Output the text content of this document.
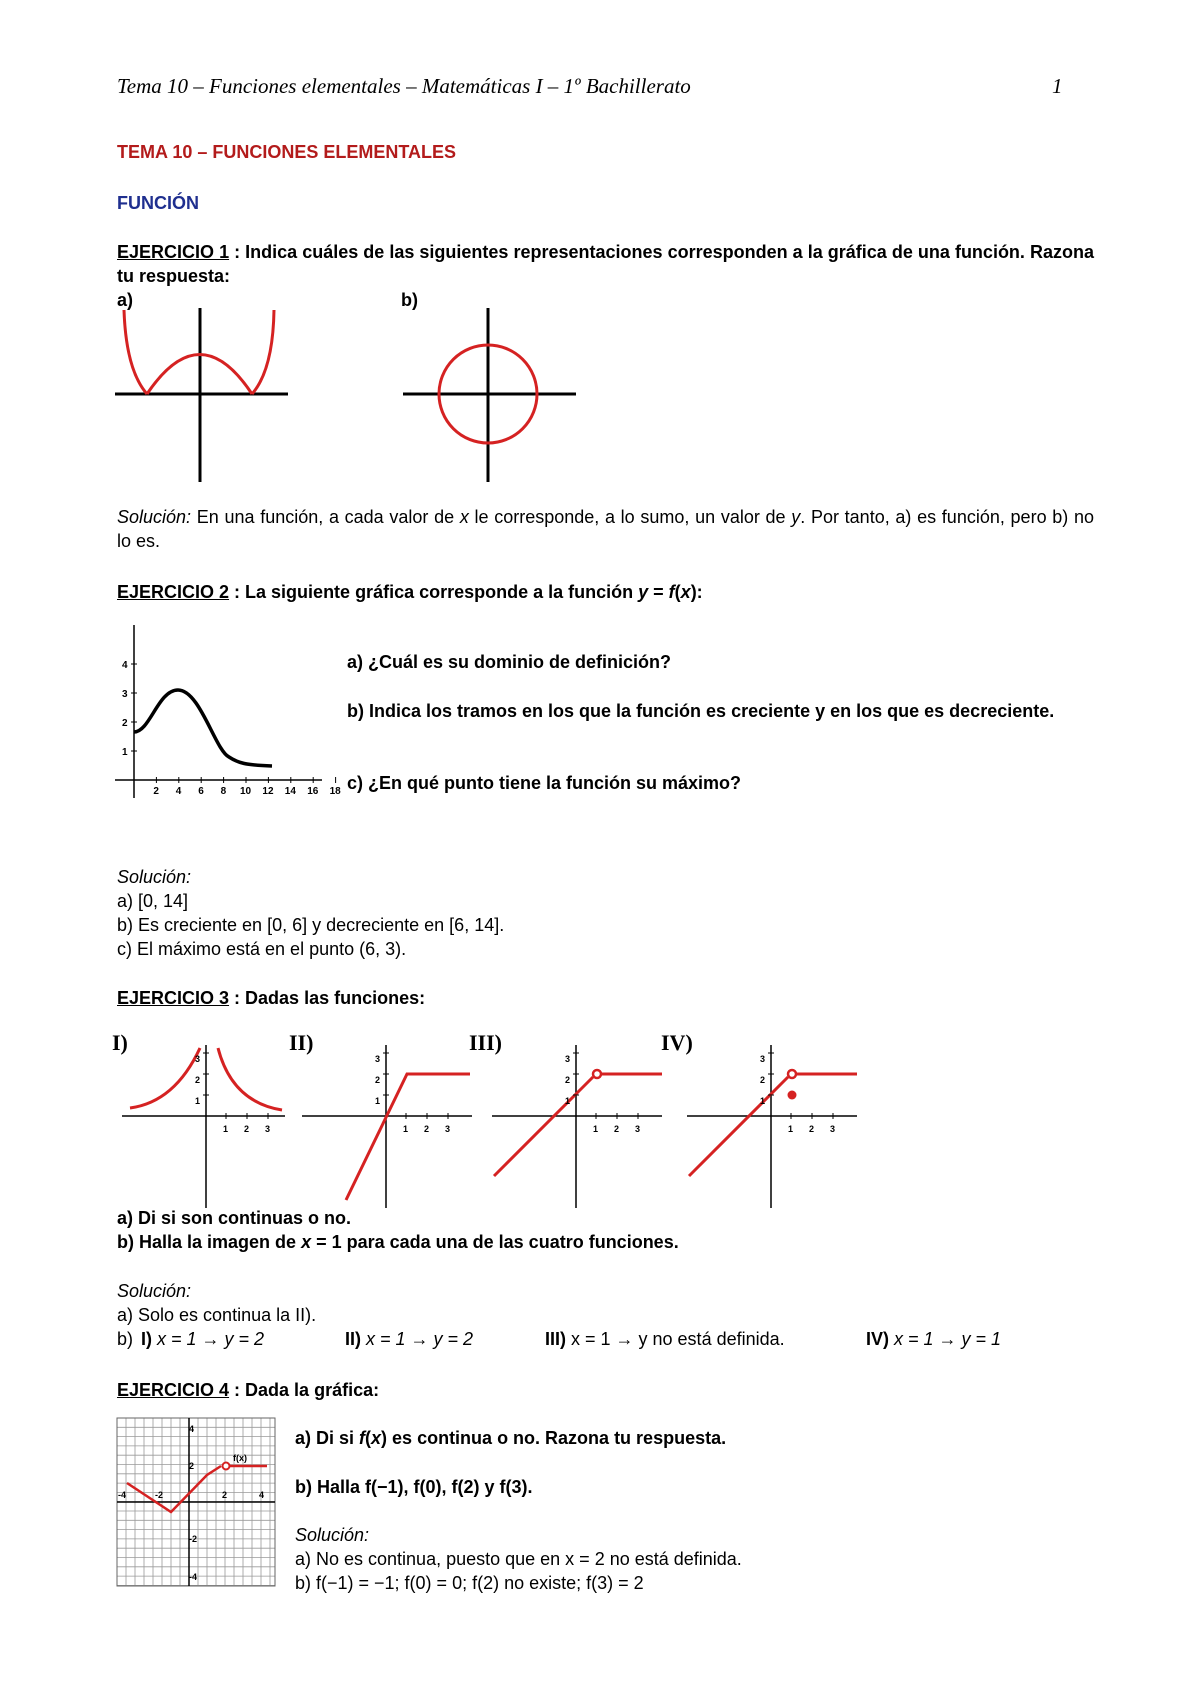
Tema 10 – Funciones elementales – Matemáticas I – 1º Bachillerato	1
TEMA 10 – FUNCIONES ELEMENTALES
FUNCIÓN
EJERCICIO 1 : Indica cuáles de las siguientes representaciones corresponden a la gráfica de una función. Razona tu respuesta:
a)	b)
Solución: En una función, a cada valor de x le corresponde, a lo sumo, un valor de y. Por tanto, a) es función, pero b) no lo es.
EJERCICIO 2 : La siguiente gráfica corresponde a la función y = f(x):
4
3
2
1
2 4 6 8 10 12 14 16 18
a) ¿Cuál es su dominio de definición?
b) Indica los tramos en los que la función es creciente y en los que es decreciente.
c) ¿En qué punto tiene la función su máximo?
Solución:
a) [0, 14]
b) Es creciente en [0, 6] y decreciente en [6, 14].
c) El máximo está en el punto (6, 3).
EJERCICIO 3 : Dadas las funciones:
I)	II)	III)	IV)
3
2
1
1 2 3
3
2
1
1 2 3
3
2
1
1 2 3
3
2
1
1 2 3
a) Di si son continuas o no.
b) Halla la imagen de x = 1 para cada una de las cuatro funciones.
Solución:
a) Solo es continua la II).
b) I) x = 1 → y = 2	II) x = 1 → y = 2	III) x = 1 → y no está definida.	IV) x = 1 → y = 1
EJERCICIO 4 : Dada la gráfica:
f(x)
4
2
-2
-4
-4	-2	2	4
a) Di si f(x) es continua o no. Razona tu respuesta.
b) Halla f(−1), f(0), f(2) y f(3).
Solución:
a) No es continua, puesto que en x = 2 no está definida.
b) f(−1) = −1; f(0) = 0; f(2) no existe; f(3) = 2
